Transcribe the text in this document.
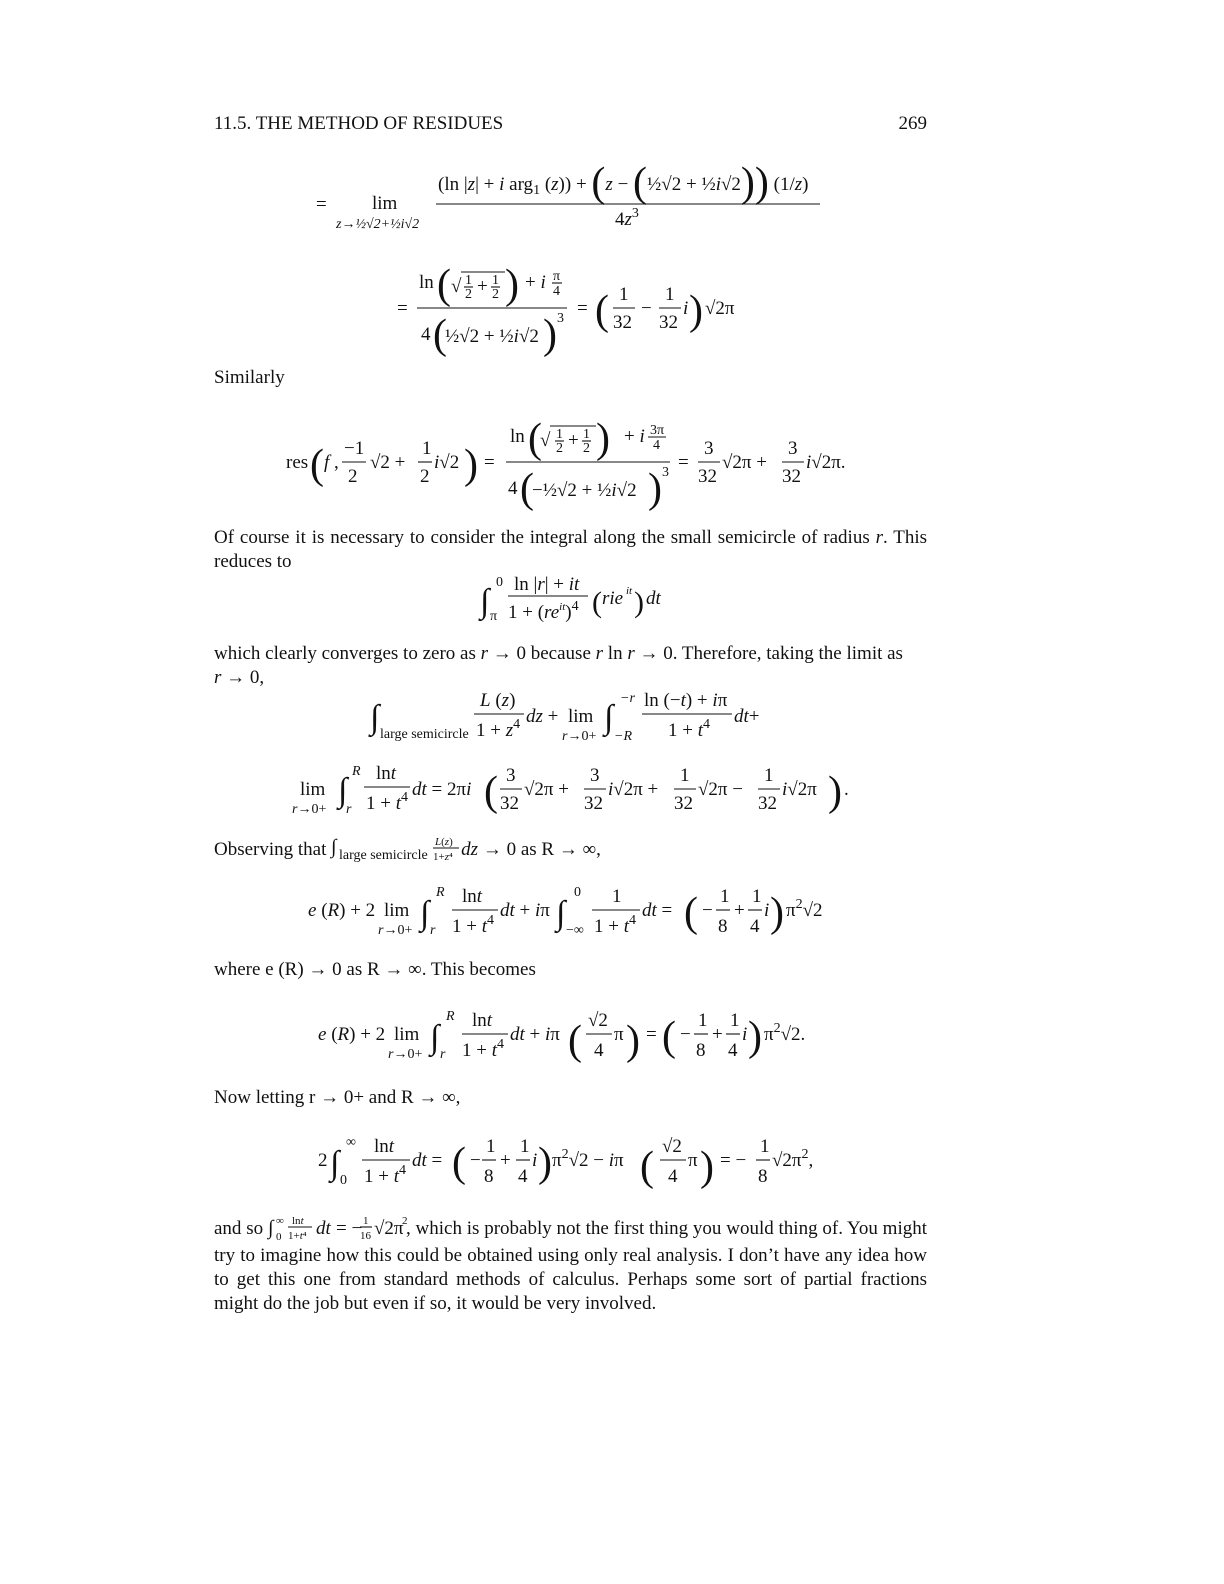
11.5. THE METHOD OF RESIDUES	269
= lim
z→½√2+½i√2
(ln |z| + i arg$_1$ (z)) + (z − (½√2 + ½i√2)) (1/z)
$4z^3$
=
ln ( √ 1
2 + 1
2 ) + i π
4
4 (
½√2 + ½i√2 ) 3 = ( 1
32
−
1
32
i ) √2π

Similarly

res ( f ,
−1
2
√2 +
1
2
i√2 ) =
ln (
√ 1
2 + 1
2 ) + i 3π
4
4 (
−½√2 + ½i√2 ) 3 =
3
32
√2π +
3
32
i√2π.

Of course it is necessary to consider the integral along the small semicircle of radius r. This reduces to

∫
0
π
ln |r| + it
$1 + (re^{it})^4$ ( rie it ) dt

which clearly converges to zero as r → 0 because r ln r → 0. Therefore, taking the limit as
r → 0,

∫ large semicircle
L (z)
$1 + z^4$ dz + lim
r→0+
∫
−r
−R
ln (−t) + iπ
$1 + t^4$ dt+
lim
r→0+
∫
R
r
lnt
$1 + t^4$ dt = 2πi ( 3
32
√2π +
3
32
i√2π +
1
32
√2π −
1
32
i√2π ) .

Observing that ∫ large semicircle
L(z)
1+z⁴ dz → 0 as R → ∞,

e (R) + 2 lim
r→0+ ∫
R
r
lnt
$1 + t^4$ dt + iπ ∫
0
−∞
1
$1 + t^4$ dt = ( −
1
8
+
1
4
i ) $\pi^2√2$

where e (R) → 0 as R → ∞. This becomes

e (R) + 2 lim
r→0+ ∫
R
r
lnt
$1 + t^4$ dt + iπ ( √2
4
π ) = ( −
1
8
+
1
4
i ) $\pi^2√2$.

Now letting r → 0+ and R → ∞,

2 ∫
∞
0
lnt
$1 + t^4$ dt = ( −
1
8
+
1
4
i ) $\pi^2√2 - i\pi$ ( √2
4
π ) = −
1
8
$√2\pi^2$,

and so ∫ ∞
0
lnt
1+t⁴ dt = − 1
16 √2π
2
, which is probably not the first thing you would thing of. You might try to imagine how this could be obtained using only real analysis. I don’t have any idea how to get this one from standard methods of calculus. Perhaps some sort of partial fractions might do the job but even if so, it would be very involved.
